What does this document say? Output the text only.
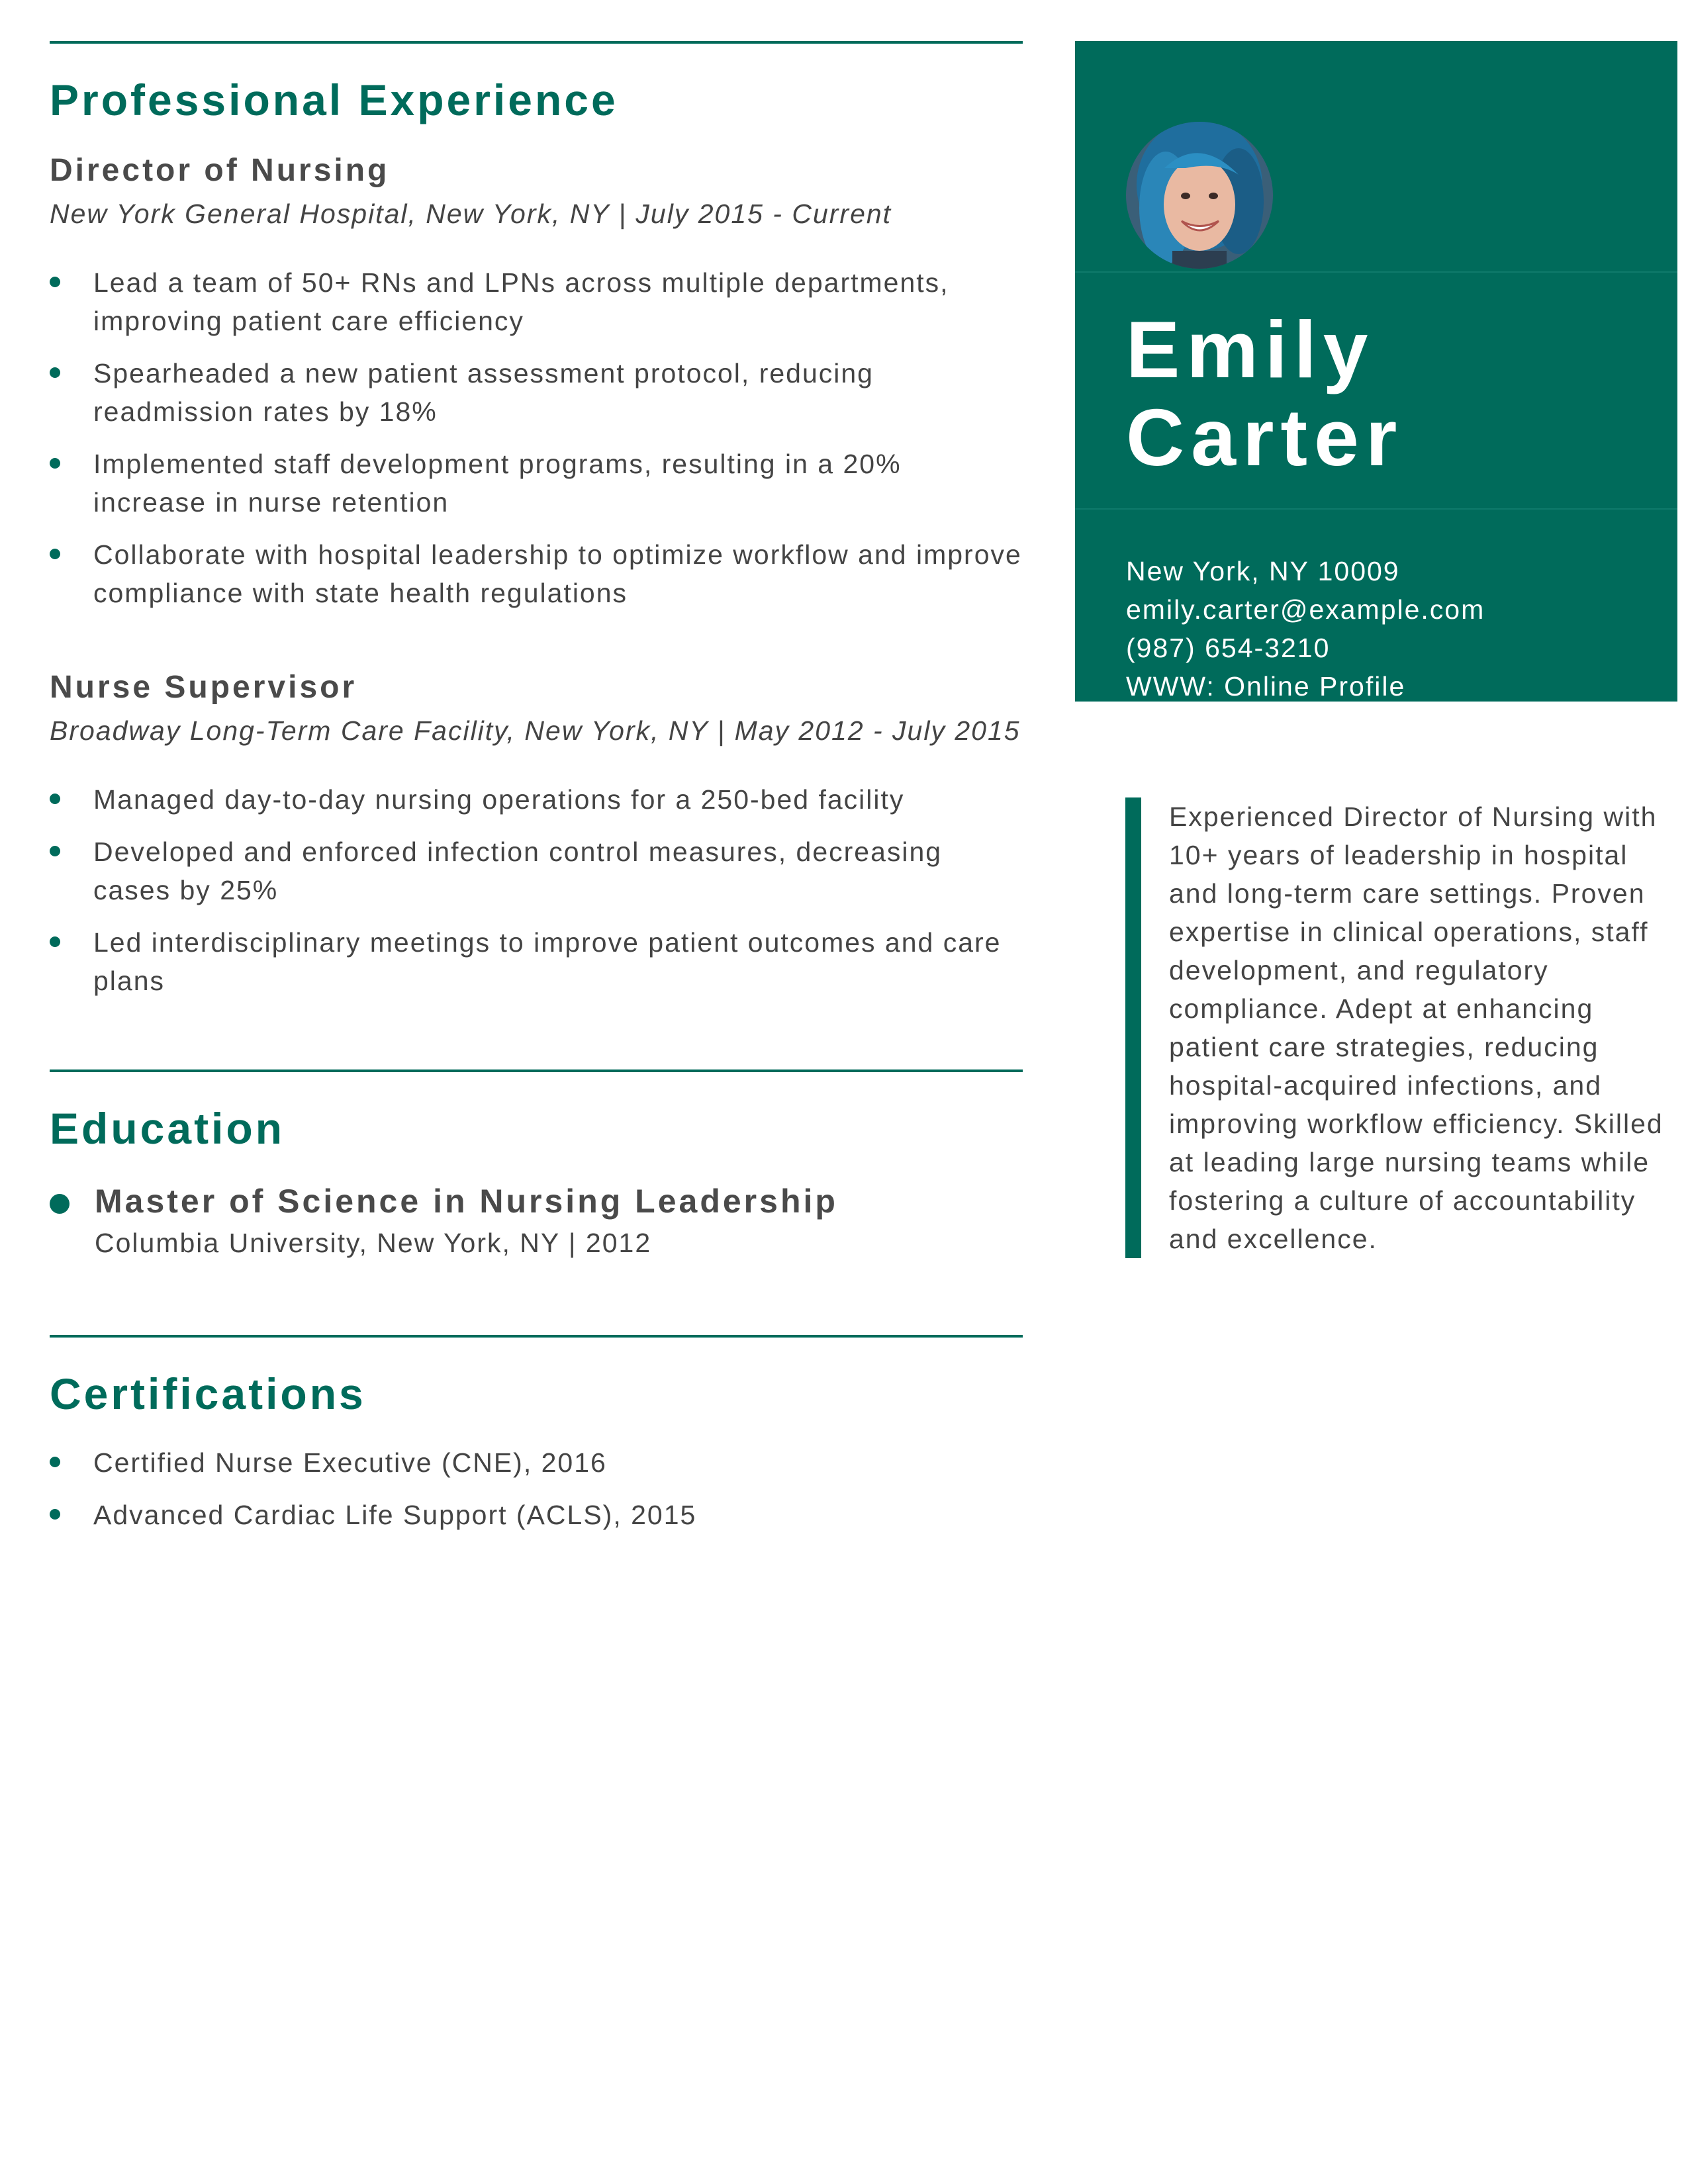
Professional Experience
Director of Nursing
New York General Hospital, New York, NY | July 2015 - Current
Lead a team of 50+ RNs and LPNs across multiple departments, improving patient care efficiency
Spearheaded a new patient assessment protocol, reducing readmission rates by 18%
Implemented staff development programs, resulting in a 20% increase in nurse retention
Collaborate with hospital leadership to optimize workflow and improve compliance with state health regulations
Nurse Supervisor
Broadway Long-Term Care Facility, New York, NY | May 2012 - July 2015
Managed day-to-day nursing operations for a 250-bed facility
Developed and enforced infection control measures, decreasing cases by 25%
Led interdisciplinary meetings to improve patient outcomes and care plans
Education
Master of Science in Nursing Leadership
Columbia University, New York, NY | 2012
Certifications
Certified Nurse Executive (CNE), 2016
Advanced Cardiac Life Support (ACLS), 2015
Emily
Carter
New York, NY 10009
emily.carter@example.com
(987) 654-3210
WWW: Online Profile
Experienced Director of Nursing with 10+ years of leadership in hospital and long-term care settings. Proven expertise in clinical operations, staff development, and regulatory compliance. Adept at enhancing patient care strategies, reducing hospital-acquired infections, and improving workflow efficiency. Skilled at leading large nursing teams while fostering a culture of accountability and excellence.
